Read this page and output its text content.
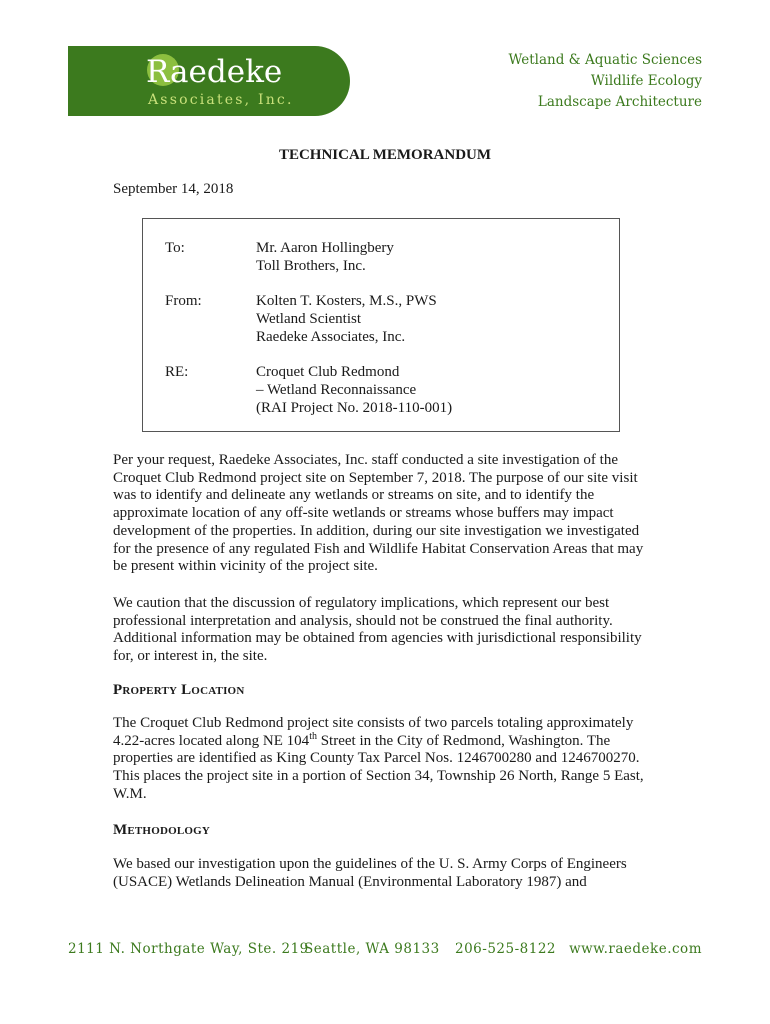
Raedeke
Associates, Inc.
Wetland & Aquatic Sciences
Wildlife Ecology
Landscape Architecture
TECHNICAL MEMORANDUM
September 14, 2018
To:	Mr. Aaron Hollingbery
Toll Brothers, Inc.
From:	Kolten T. Kosters, M.S., PWS
Wetland Scientist
Raedeke Associates, Inc.
RE:	Croquet Club Redmond
– Wetland Reconnaissance
(RAI Project No. 2018-110-001)
Per your request, Raedeke Associates, Inc. staff conducted a site investigation of the Croquet Club Redmond project site on September 7, 2018. The purpose of our site visit was to identify and delineate any wetlands or streams on site, and to identify the approximate location of any off-site wetlands or streams whose buffers may impact development of the properties. In addition, during our site investigation we investigated for the presence of any regulated Fish and Wildlife Habitat Conservation Areas that may be present within vicinity of the project site.
We caution that the discussion of regulatory implications, which represent our best professional interpretation and analysis, should not be construed the final authority. Additional information may be obtained from agencies with jurisdictional responsibility for, or interest in, the site.
Property Location
The Croquet Club Redmond project site consists of two parcels totaling approximately 4.22-acres located along NE 104th Street in the City of Redmond, Washington. The properties are identified as King County Tax Parcel Nos. 1246700280 and 1246700270. This places the project site in a portion of Section 34, Township 26 North, Range 5 East, W.M.
Methodology
We based our investigation upon the guidelines of the U. S. Army Corps of Engineers (USACE) Wetlands Delineation Manual (Environmental Laboratory 1987) and
2111 N. Northgate Way, Ste. 219
Seattle, WA 98133 206-525-8122 www.raedeke.com
